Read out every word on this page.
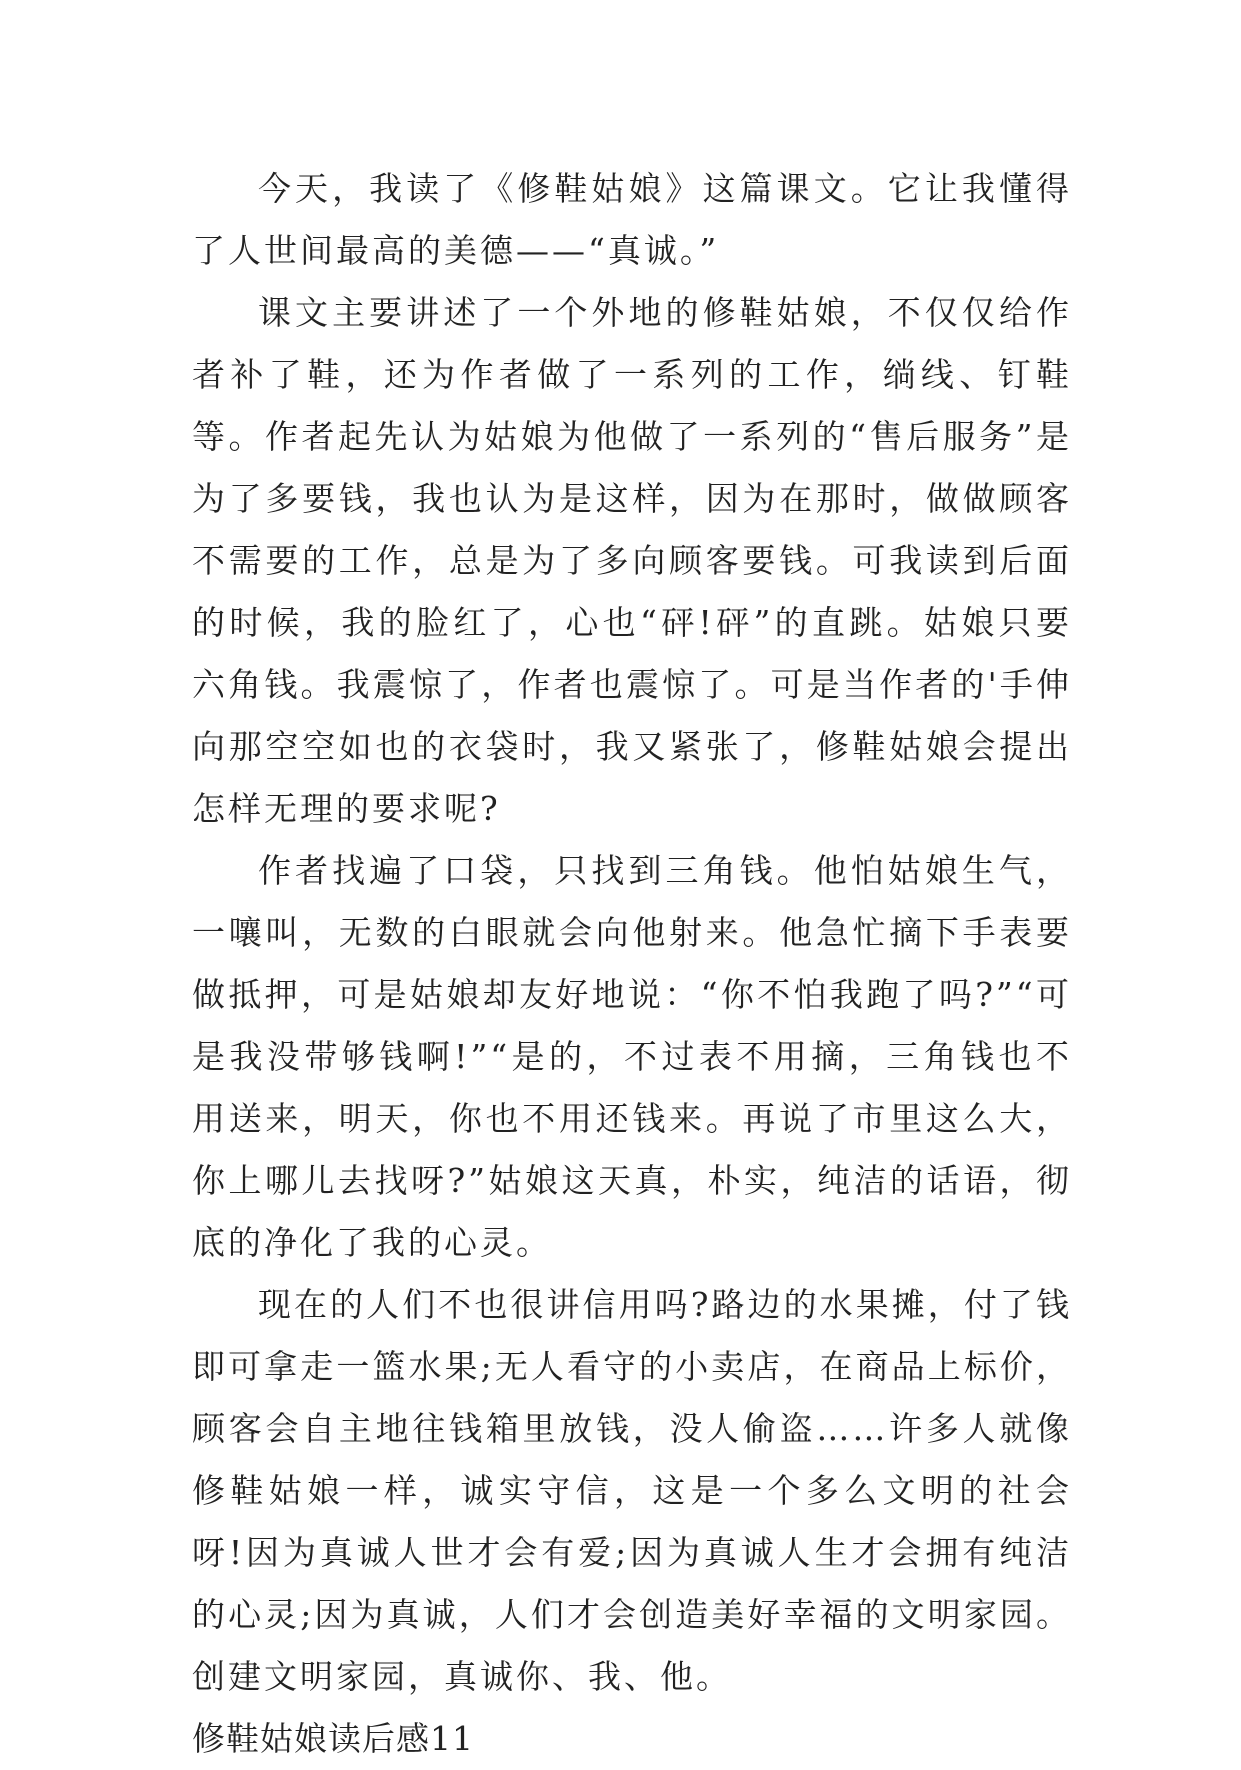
今天，我读了《修鞋姑娘》这篇课文。它让我懂得了人世间最高的美德——“真诚。”

课文主要讲述了一个外地的修鞋姑娘，不仅仅给作者补了鞋，还为作者做了一系列的工作，绱线、钉鞋等。作者起先认为姑娘为他做了一系列的“售后服务”是为了多要钱，我也认为是这样，因为在那时，做做顾客不需要的工作，总是为了多向顾客要钱。可我读到后面的时候，我的脸红了，心也“砰!砰”的直跳。姑娘只要六角钱。我震惊了，作者也震惊了。可是当作者的'手伸向那空空如也的衣袋时，我又紧张了，修鞋姑娘会提出怎样无理的要求呢?

作者找遍了口袋，只找到三角钱。他怕姑娘生气，一嚷叫，无数的白眼就会向他射来。他急忙摘下手表要做抵押，可是姑娘却友好地说：“你不怕我跑了吗?”“可是我没带够钱啊!”“是的，不过表不用摘，三角钱也不用送来，明天，你也不用还钱来。再说了市里这么大，你上哪儿去找呀?”姑娘这天真，朴实，纯洁的话语，彻底的净化了我的心灵。

现在的人们不也很讲信用吗?路边的水果摊，付了钱即可拿走一篮水果;无人看守的小卖店，在商品上标价，顾客会自主地往钱箱里放钱，没人偷盗……许多人就像修鞋姑娘一样，诚实守信，这是一个多么文明的社会呀!因为真诚人世才会有爱;因为真诚人生才会拥有纯洁的心灵;因为真诚，人们才会创造美好幸福的文明家园。创建文明家园，真诚你、我、他。

修鞋姑娘读后感11
